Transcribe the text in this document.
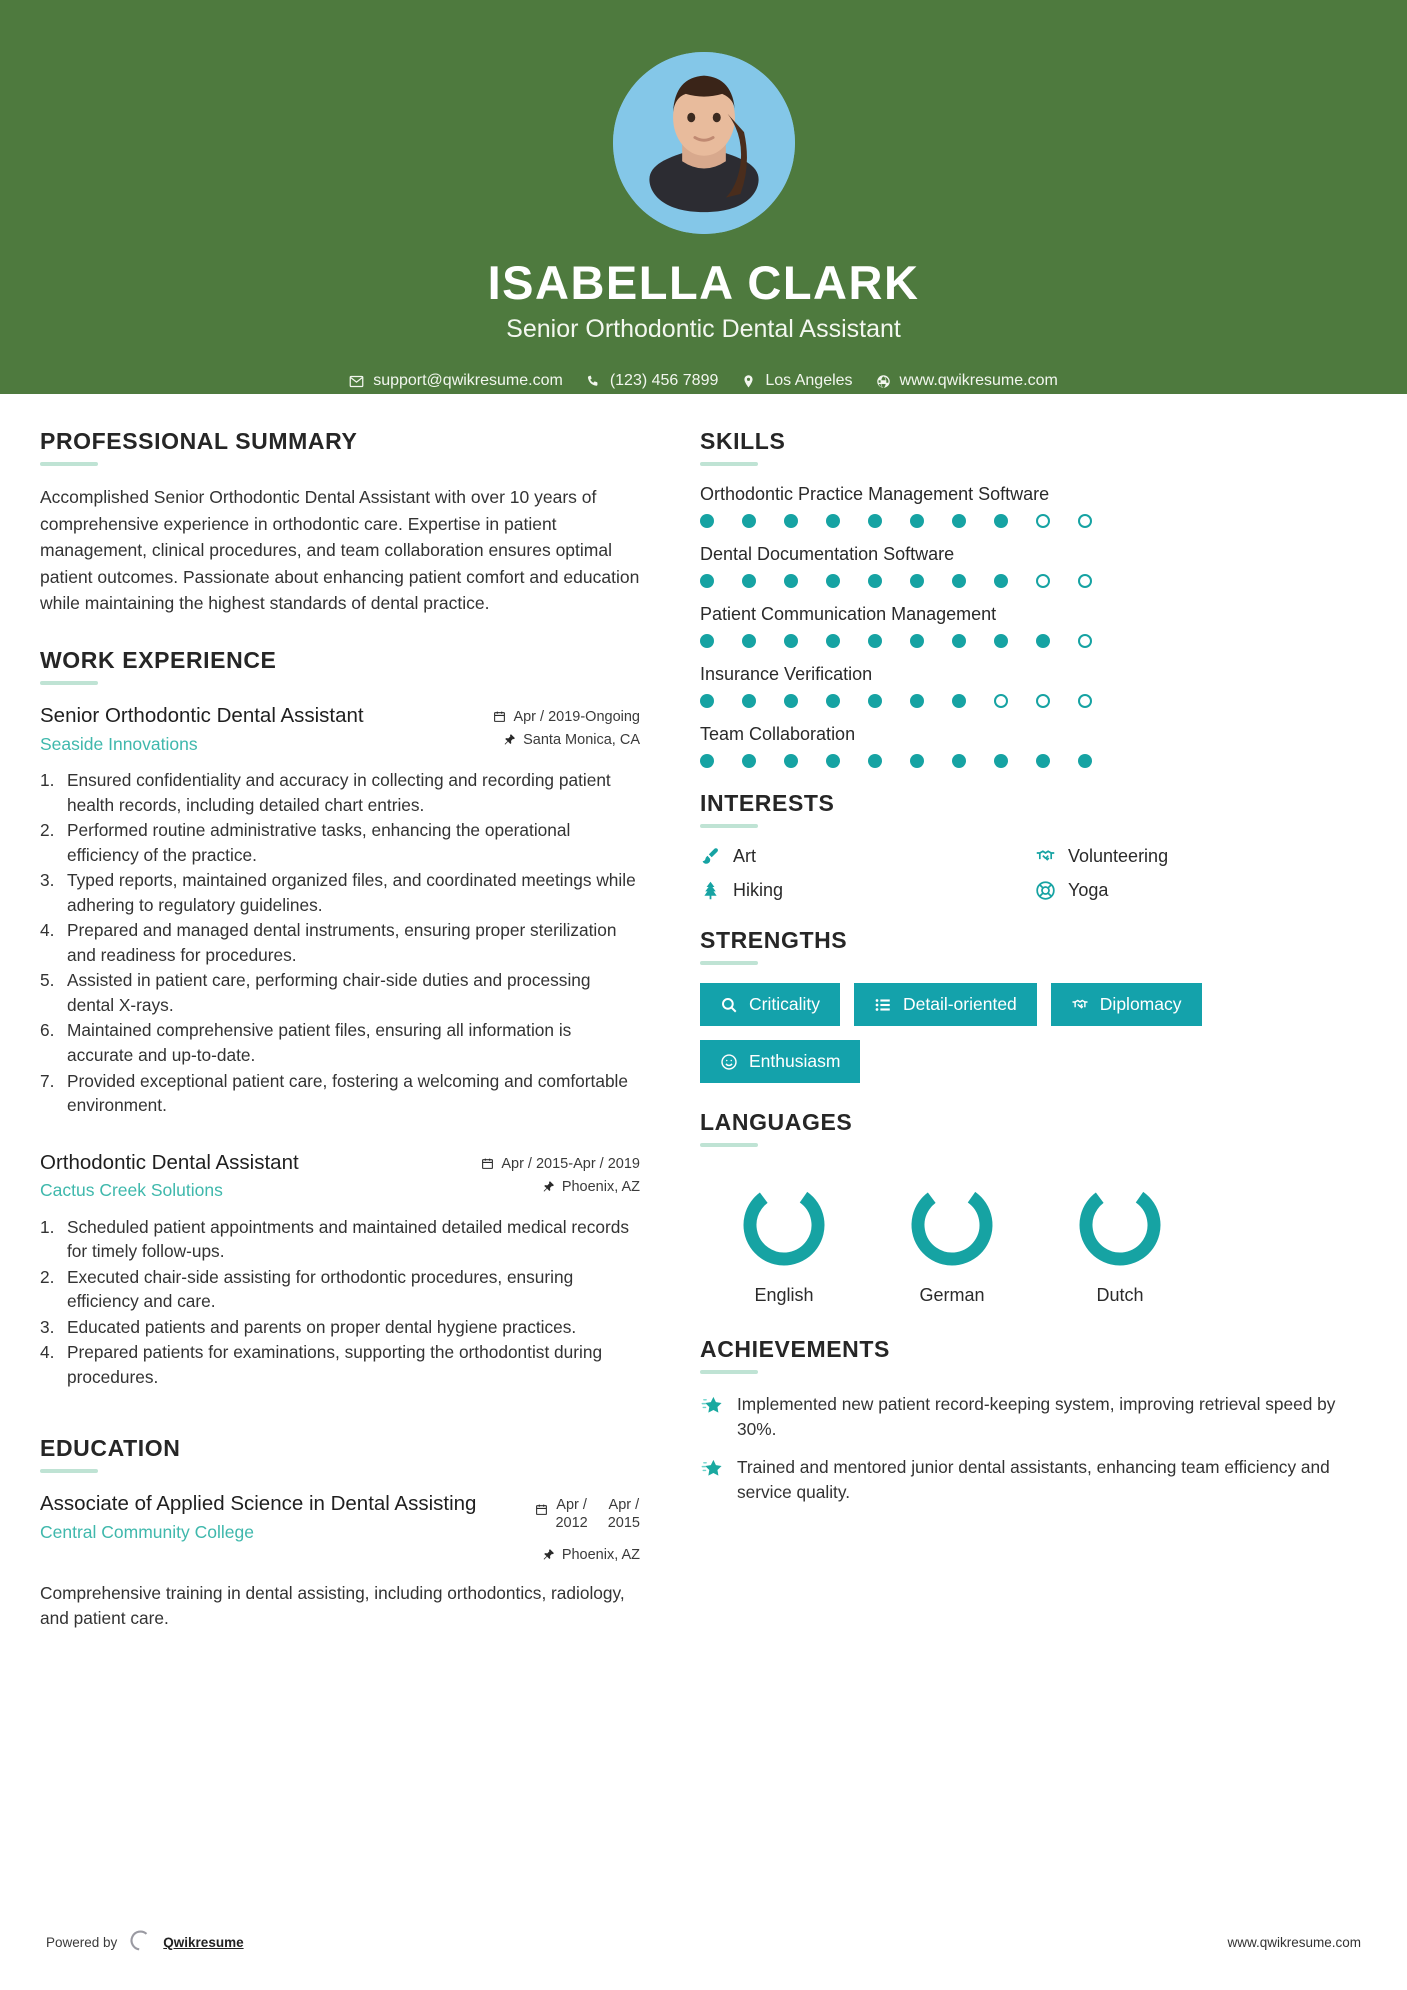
ISABELLA CLARK
Senior Orthodontic Dental Assistant
support@qwikresume.com	(123) 456 7899	Los Angeles	www.qwikresume.com
PROFESSIONAL SUMMARY
Accomplished Senior Orthodontic Dental Assistant with over 10 years of comprehensive experience in orthodontic care. Expertise in patient management, clinical procedures, and team collaboration ensures optimal patient outcomes. Passionate about enhancing patient comfort and education while maintaining the highest standards of dental practice.
WORK EXPERIENCE
Senior Orthodontic Dental Assistant
Seaside Innovations
Apr / 2019-Ongoing
Santa Monica, CA
Ensured confidentiality and accuracy in collecting and recording patient health records, including detailed chart entries.
Performed routine administrative tasks, enhancing the operational efficiency of the practice.
Typed reports, maintained organized files, and coordinated meetings while adhering to regulatory guidelines.
Prepared and managed dental instruments, ensuring proper sterilization and readiness for procedures.
Assisted in patient care, performing chair-side duties and processing dental X-rays.
Maintained comprehensive patient files, ensuring all information is accurate and up-to-date.
Provided exceptional patient care, fostering a welcoming and comfortable environment.
Orthodontic Dental Assistant
Cactus Creek Solutions
Apr / 2015-Apr / 2019
Phoenix, AZ
Scheduled patient appointments and maintained detailed medical records for timely follow-ups.
Executed chair-side assisting for orthodontic procedures, ensuring efficiency and care.
Educated patients and parents on proper dental hygiene practices.
Prepared patients for examinations, supporting the orthodontist during procedures.
EDUCATION
Associate of Applied Science in Dental Assisting
Central Community College
Apr /
2012
Apr /
2015
Phoenix, AZ
Comprehensive training in dental assisting, including orthodontics, radiology, and patient care.
SKILLS
Orthodontic Practice Management Software
Dental Documentation Software
Patient Communication Management
Insurance Verification
Team Collaboration
INTERESTS
Art	Volunteering
Hiking	Yoga
STRENGTHS
Criticality	Detail-oriented	Diplomacy
Enthusiasm
LANGUAGES
English	German	Dutch
ACHIEVEMENTS
Implemented new patient record-keeping system, improving retrieval speed by 30%.
Trained and mentored junior dental assistants, enhancing team efficiency and service quality.
Powered by	Qwikresume	www.qwikresume.com
